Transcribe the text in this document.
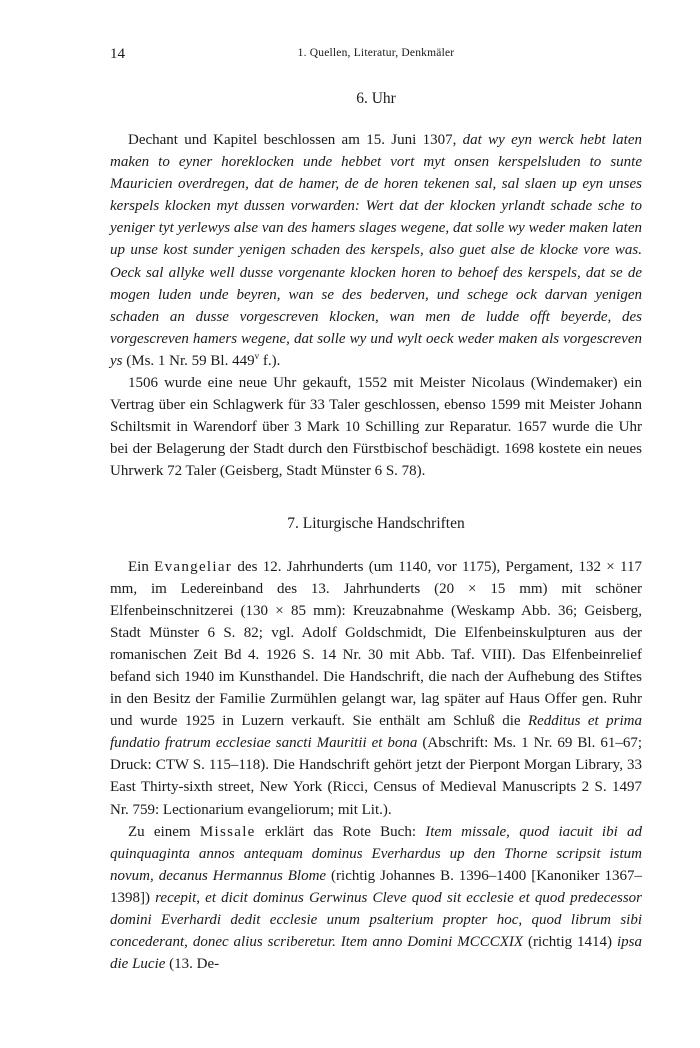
14	1. Quellen, Literatur, Denkmäler
6. Uhr

Dechant und Kapitel beschlossen am 15. Juni 1307, dat wy eyn werck hebt laten maken to eyner horeklocken unde hebbet vort myt onsen kerspelsluden to sunte Mauricien overdregen, dat de hamer, de de horen tekenen sal, sal slaen up eyn unses kerspels klocken myt dussen vorwarden: Wert dat der klocken yrlandt schade sche to yeniger tyt yerlewys alse van des hamers slages wegene, dat solle wy weder maken laten up unse kost sunder yenigen schaden des kerspels, also guet alse de klocke vore was. Oeck sal allyke well dusse vorgenante klocken horen to behoef des kerspels, dat se de mogen luden unde beyren, wan se des bederven, und schege ock darvan yenigen schaden an dusse vorgescreven klocken, wan men de ludde offt beyerde, des vorgescreven hamers wegene, dat solle wy und wylt oeck weder maken als vorgescreven ys (Ms. 1 Nr. 59 Bl. 449$^v$ f.).

1506 wurde eine neue Uhr gekauft, 1552 mit Meister Nicolaus (Windemaker) ein Vertrag über ein Schlagwerk für 33 Taler geschlossen, ebenso 1599 mit Meister Johann Schiltsmit in Warendorf über 3 Mark 10 Schilling zur Reparatur. 1657 wurde die Uhr bei der Belagerung der Stadt durch den Fürstbischof beschädigt. 1698 kostete ein neues Uhrwerk 72 Taler (Geisberg, Stadt Münster 6 S. 78).

7. Liturgische Handschriften

Ein Evangeliar des 12. Jahrhunderts (um 1140, vor 1175), Pergament, 132 × 117 mm, im Ledereinband des 13. Jahrhunderts (20 × 15 mm) mit schöner Elfenbeinschnitzerei (130 × 85 mm): Kreuzabnahme (Weskamp Abb. 36; Geisberg, Stadt Münster 6 S. 82; vgl. Adolf Goldschmidt, Die Elfenbeinskulpturen aus der romanischen Zeit Bd 4. 1926 S. 14 Nr. 30 mit Abb. Taf. VIII). Das Elfenbeinrelief befand sich 1940 im Kunsthandel. Die Handschrift, die nach der Aufhebung des Stiftes in den Besitz der Familie Zurmühlen gelangt war, lag später auf Haus Offer gen. Ruhr und wurde 1925 in Luzern verkauft. Sie enthält am Schluß die Redditus et prima fundatio fratrum ecclesiae sancti Mauritii et bona (Abschrift: Ms. 1 Nr. 69 Bl. 61–67; Druck: CTW S. 115–118). Die Handschrift gehört jetzt der Pierpont Morgan Library, 33 East Thirty-sixth street, New York (Ricci, Census of Medieval Manuscripts 2 S. 1497 Nr. 759: Lectionarium evangeliorum; mit Lit.).

Zu einem Missale erklärt das Rote Buch: Item missale, quod iacuit ibi ad quinquaginta annos antequam dominus Everhardus up den Thorne scripsit istum novum, decanus Hermannus Blome (richtig Johannes B. 1396–1400 [Kanoniker 1367–1398]) recepit, et dicit dominus Gerwinus Cleve quod sit ecclesie et quod predecessor domini Everhardi dedit ecclesie unum psalterium propter hoc, quod librum sibi concederant, donec alius scriberetur. Item anno Domini MCCCXIX (richtig 1414) ipsa die Lucie (13. De-
